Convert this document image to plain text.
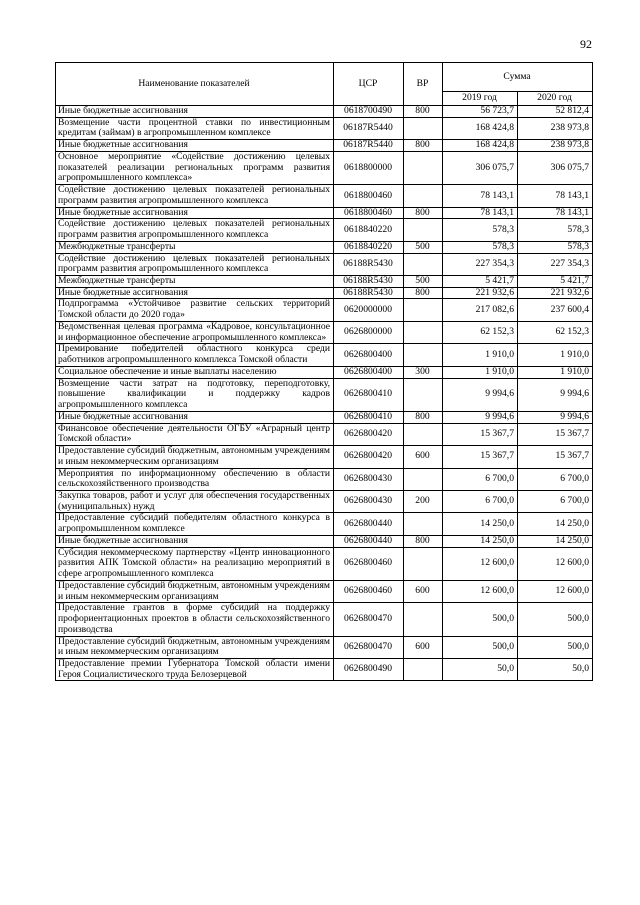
92
Наименование показателей	ЦСР	ВР	Сумма	
			2019 год	2020 год
Иные бюджетные ассигнования	0618700490	800	56 723,7	52 812,4
Возмещение части процентной ставки по инвестиционным кредитам (займам) в агропромышленном комплексе	06187R5440		168 424,8	238 973,8
Иные бюджетные ассигнования	06187R5440	800	168 424,8	238 973,8
Основное мероприятие «Содействие достижению целевых показателей реализации региональных программ развития агропромышленного комплекса»	0618800000		306 075,7	306 075,7
Содействие достижению целевых показателей региональных программ развития агропромышленного комплекса	0618800460		78 143,1	78 143,1
Иные бюджетные ассигнования	0618800460	800	78 143,1	78 143,1
Содействие достижению целевых показателей региональных программ развития агропромышленного комплекса	0618840220		578,3	578,3
Межбюджетные трансферты	0618840220	500	578,3	578,3
Содействие достижению целевых показателей региональных программ развития агропромышленного комплекса	06188R5430		227 354,3	227 354,3
Межбюджетные трансферты	06188R5430	500	5 421,7	5 421,7
Иные бюджетные ассигнования	06188R5430	800	221 932,6	221 932,6
Подпрограмма «Устойчивое развитие сельских территорий Томской области до 2020 года»	0620000000		217 082,6	237 600,4
Ведомственная целевая программа «Кадровое, консультационное и информационное обеспечение агропромышленного комплекса»	0626800000		62 152,3	62 152,3
Премирование победителей областного конкурса среди работников агропромышленного комплекса Томской области	0626800400		1 910,0	1 910,0
Социальное обеспечение и иные выплаты населению	0626800400	300	1 910,0	1 910,0
Возмещение части затрат на подготовку, переподготовку, повышение квалификации и поддержку кадров агропромышленного комплекса	0626800410		9 994,6	9 994,6
Иные бюджетные ассигнования	0626800410	800	9 994,6	9 994,6
Финансовое обеспечение деятельности ОГБУ «Аграрный центр Томской области»	0626800420		15 367,7	15 367,7
Предоставление субсидий бюджетным, автономным учреждениям и иным некоммерческим организациям	0626800420	600	15 367,7	15 367,7
Мероприятия по информационному обеспечению в области сельскохозяйственного производства	0626800430		6 700,0	6 700,0
Закупка товаров, работ и услуг для обеспечения государственных (муниципальных) нужд	0626800430	200	6 700,0	6 700,0
Предоставление субсидий победителям областного конкурса в агропромышленном комплексе	0626800440		14 250,0	14 250,0
Иные бюджетные ассигнования	0626800440	800	14 250,0	14 250,0
Субсидия некоммерческому партнерству «Центр инновационного развития АПК Томской области» на реализацию мероприятий в сфере агропромышленного комплекса	0626800460		12 600,0	12 600,0
Предоставление субсидий бюджетным, автономным учреждениям и иным некоммерческим организациям	0626800460	600	12 600,0	12 600,0
Предоставление грантов в форме субсидий на поддержку профориентационных проектов в области сельскохозяйственного производства	0626800470		500,0	500,0
Предоставление субсидий бюджетным, автономным учреждениям и иным некоммерческим организациям	0626800470	600	500,0	500,0
Предоставление премии Губернатора Томской области имени Героя Социалистического труда Белозерцевой	0626800490		50,0	50,0
